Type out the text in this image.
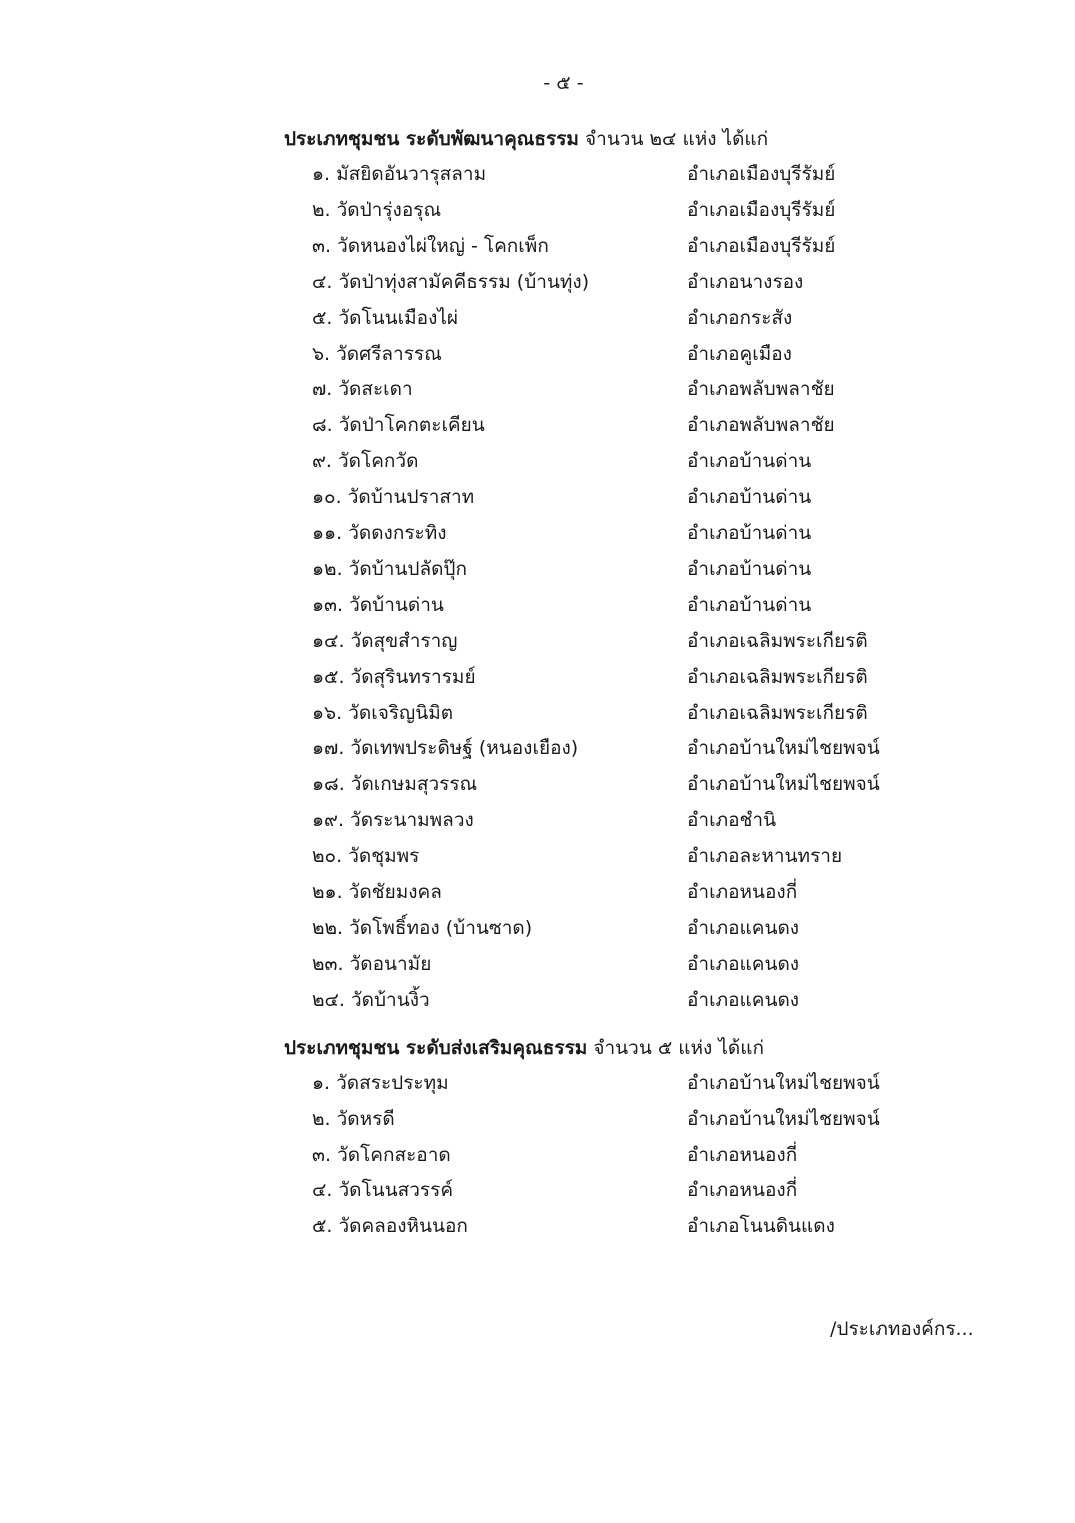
- ๕ -
ประเภทชุมชน ระดับพัฒนาคุณธรรม จำนวน ๒๔ แห่ง ได้แก่
๑. มัสยิดอันวารุสลาม	อำเภอเมืองบุรีรัมย์
๒. วัดป่ารุ่งอรุณ	อำเภอเมืองบุรีรัมย์
๓. วัดหนองไผ่ใหญ่ - โคกเพ็ก	อำเภอเมืองบุรีรัมย์
๔. วัดป่าทุ่งสามัคคีธรรม (บ้านทุ่ง)	อำเภอนางรอง
๕. วัดโนนเมืองไผ่	อำเภอกระสัง
๖. วัดศรีลารรณ	อำเภอคูเมือง
๗. วัดสะเดา	อำเภอพลับพลาชัย
๘. วัดป่าโคกตะเคียน	อำเภอพลับพลาชัย
๙. วัดโคกวัด	อำเภอบ้านด่าน
๑๐. วัดบ้านปราสาท	อำเภอบ้านด่าน
๑๑. วัดดงกระทิง	อำเภอบ้านด่าน
๑๒. วัดบ้านปลัดปุ๊ก	อำเภอบ้านด่าน
๑๓. วัดบ้านด่าน	อำเภอบ้านด่าน
๑๔. วัดสุขสำราญ	อำเภอเฉลิมพระเกียรติ
๑๕. วัดสุรินทรารมย์	อำเภอเฉลิมพระเกียรติ
๑๖. วัดเจริญนิมิต	อำเภอเฉลิมพระเกียรติ
๑๗. วัดเทพประดิษฐ์ (หนองเยือง)	อำเภอบ้านใหม่ไชยพจน์
๑๘. วัดเกษมสุวรรณ	อำเภอบ้านใหม่ไชยพจน์
๑๙. วัดระนามพลวง	อำเภอชำนิ
๒๐. วัดชุมพร	อำเภอละหานทราย
๒๑. วัดชัยมงคล	อำเภอหนองกี่
๒๒. วัดโพธิ์ทอง (บ้านซาด)	อำเภอแคนดง
๒๓. วัดอนามัย	อำเภอแคนดง
๒๔. วัดบ้านงิ้ว	อำเภอแคนดง
ประเภทชุมชน ระดับส่งเสริมคุณธรรม จำนวน ๕ แห่ง ได้แก่
๑. วัดสระประทุม	อำเภอบ้านใหม่ไชยพจน์
๒. วัดหรดี	อำเภอบ้านใหม่ไชยพจน์
๓. วัดโคกสะอาด	อำเภอหนองกี่
๔. วัดโนนสวรรค์	อำเภอหนองกี่
๕. วัดคลองหินนอก	อำเภอโนนดินแดง
/ประเภทองค์กร...
